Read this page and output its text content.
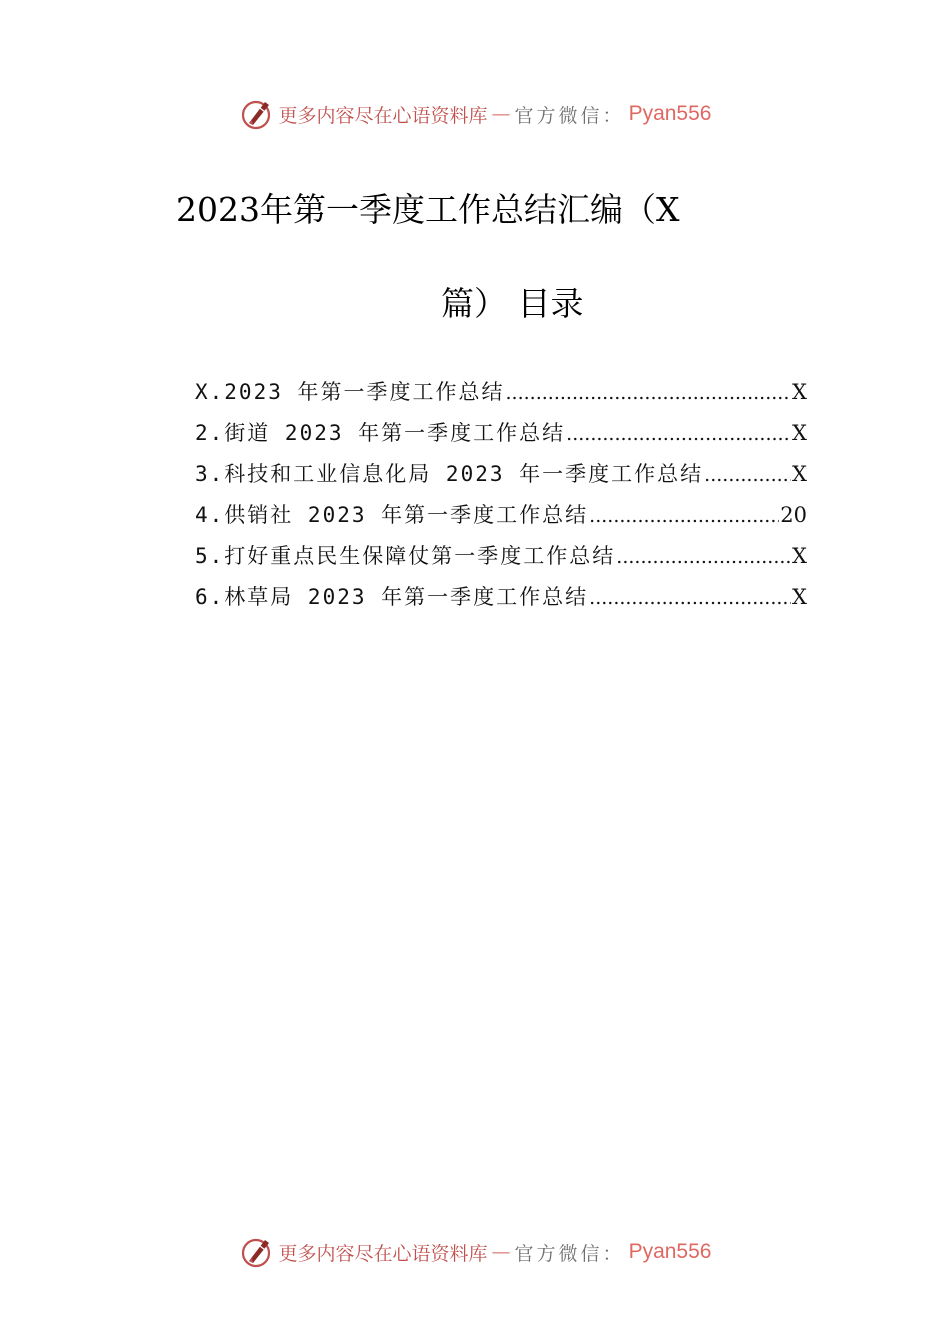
更多内容尽在心语资料库 — 官方微信： Pyan556
2023年第一季度工作总结汇编（X
篇） 目录
X.2023 年第一季度工作总结 .....	X
2.街道 2023 年第一季度工作总结 .....	X
3.科技和工业信息化局 2023 年一季度工作总结 .....	X
4.供销社 2023 年第一季度工作总结 .....	20
5.打好重点民生保障仗第一季度工作总结 .....	X
6.林草局 2023 年第一季度工作总结 .....	X
更多内容尽在心语资料库 — 官方微信： Pyan556
